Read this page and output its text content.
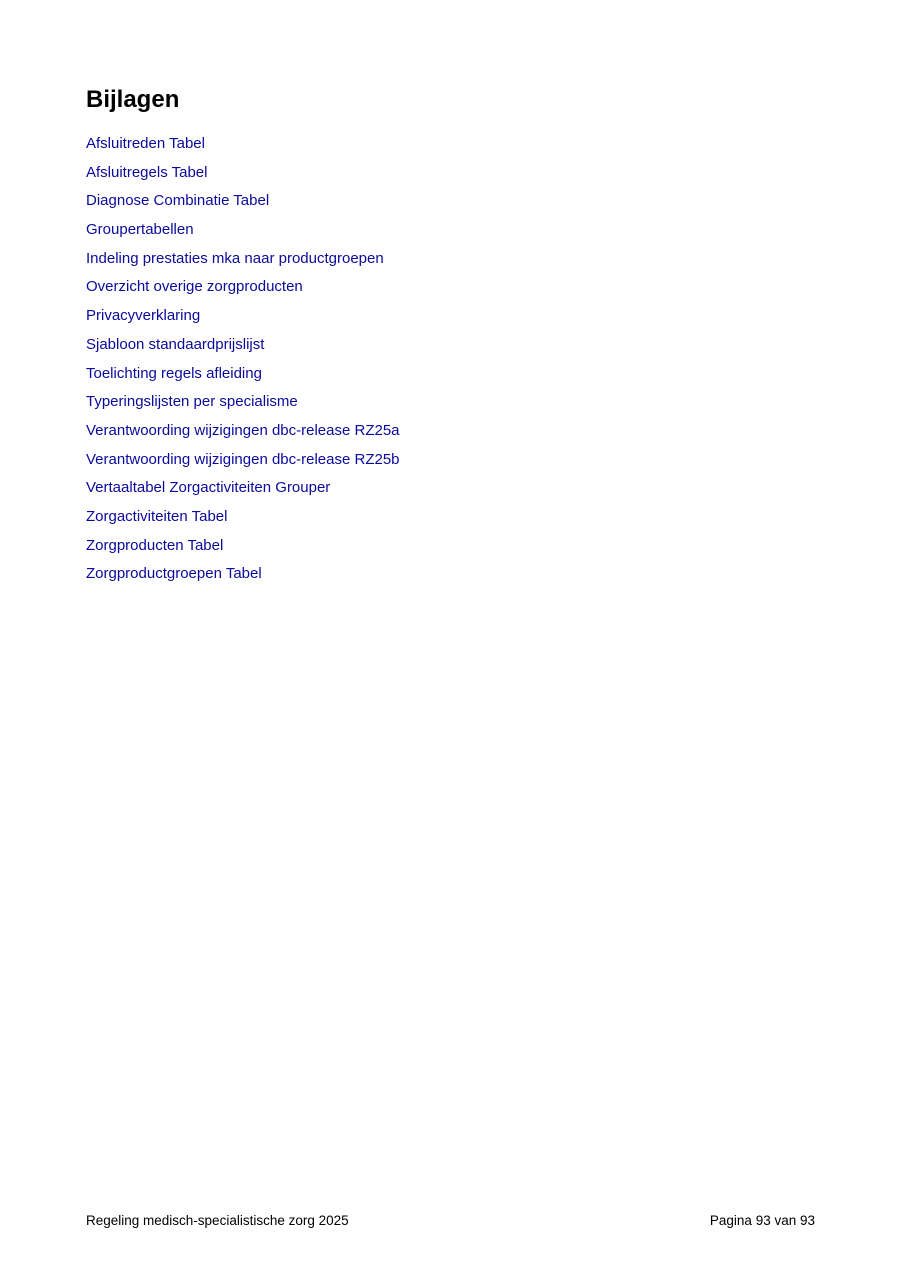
Bijlagen
Afsluitreden Tabel
Afsluitregels Tabel
Diagnose Combinatie Tabel
Groupertabellen
Indeling prestaties mka naar productgroepen
Overzicht overige zorgproducten
Privacyverklaring
Sjabloon standaardprijslijst
Toelichting regels afleiding
Typeringslijsten per specialisme
Verantwoording wijzigingen dbc-release RZ25a
Verantwoording wijzigingen dbc-release RZ25b
Vertaaltabel Zorgactiviteiten Grouper
Zorgactiviteiten Tabel
Zorgproducten Tabel
Zorgproductgroepen Tabel
Regeling medisch-specialistische zorg 2025	Pagina 93 van 93
